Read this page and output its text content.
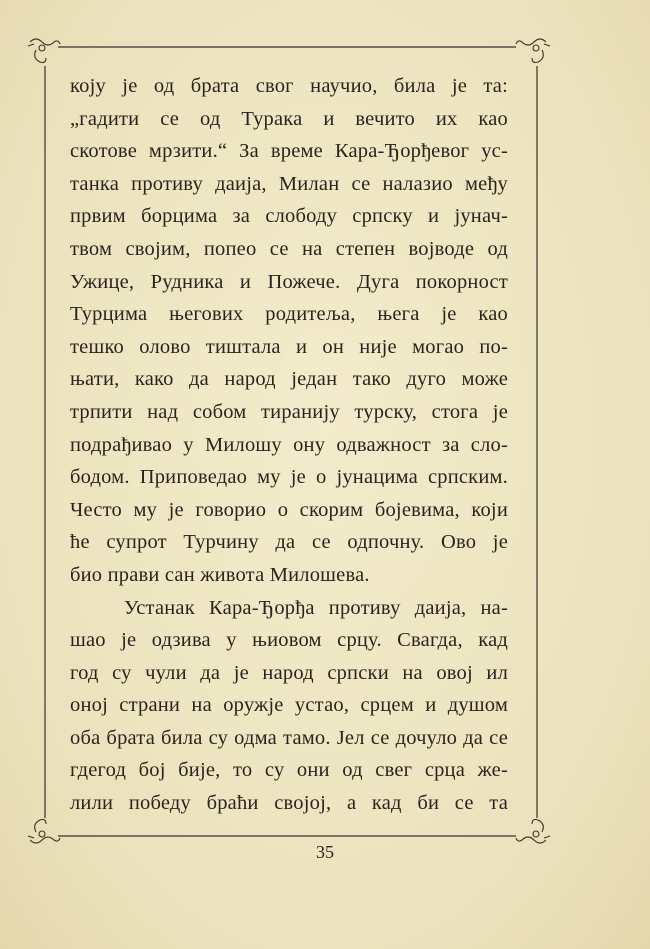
коју је од брата свог научио, била је та:
„гадити се од Турака и вечито их као
скотове мрзити.“ За време Кара-Ђорђевог ус-
танка противу даија, Милан се налазио међу
првим борцима за слободу српску и јунач-
твом својим, попео се на степен војводе од
Ужице, Рудника и Пожече. Дуга покорност
Турцима његових родитеља, њега је као
тешко олово тиштала и он није могао по-
њати, како да народ један тако дуго може
трпити над собом тиранију турску, стога је
подрађивао у Милошу ону одважност за сло-
бодом. Приповедао му је о јунацима српским.
Често му је говорио о скорим бојевима, који
ће супрот Турчину да се одпочну. Ово је
био прави сан живота Милошева.
Устанак Кара-Ђорђа противу даија, на-
шао је одзива у њиовом срцу. Свагда, кад
год су чули да је народ српски на овој ил
оној страни на оружје устао, срцем и душом
оба брата била су одма тамо. Јел се дочуло да се
гдегод бој бије, то су они од свег срца же-
лили победу браћи својој, а кад би се та
35
